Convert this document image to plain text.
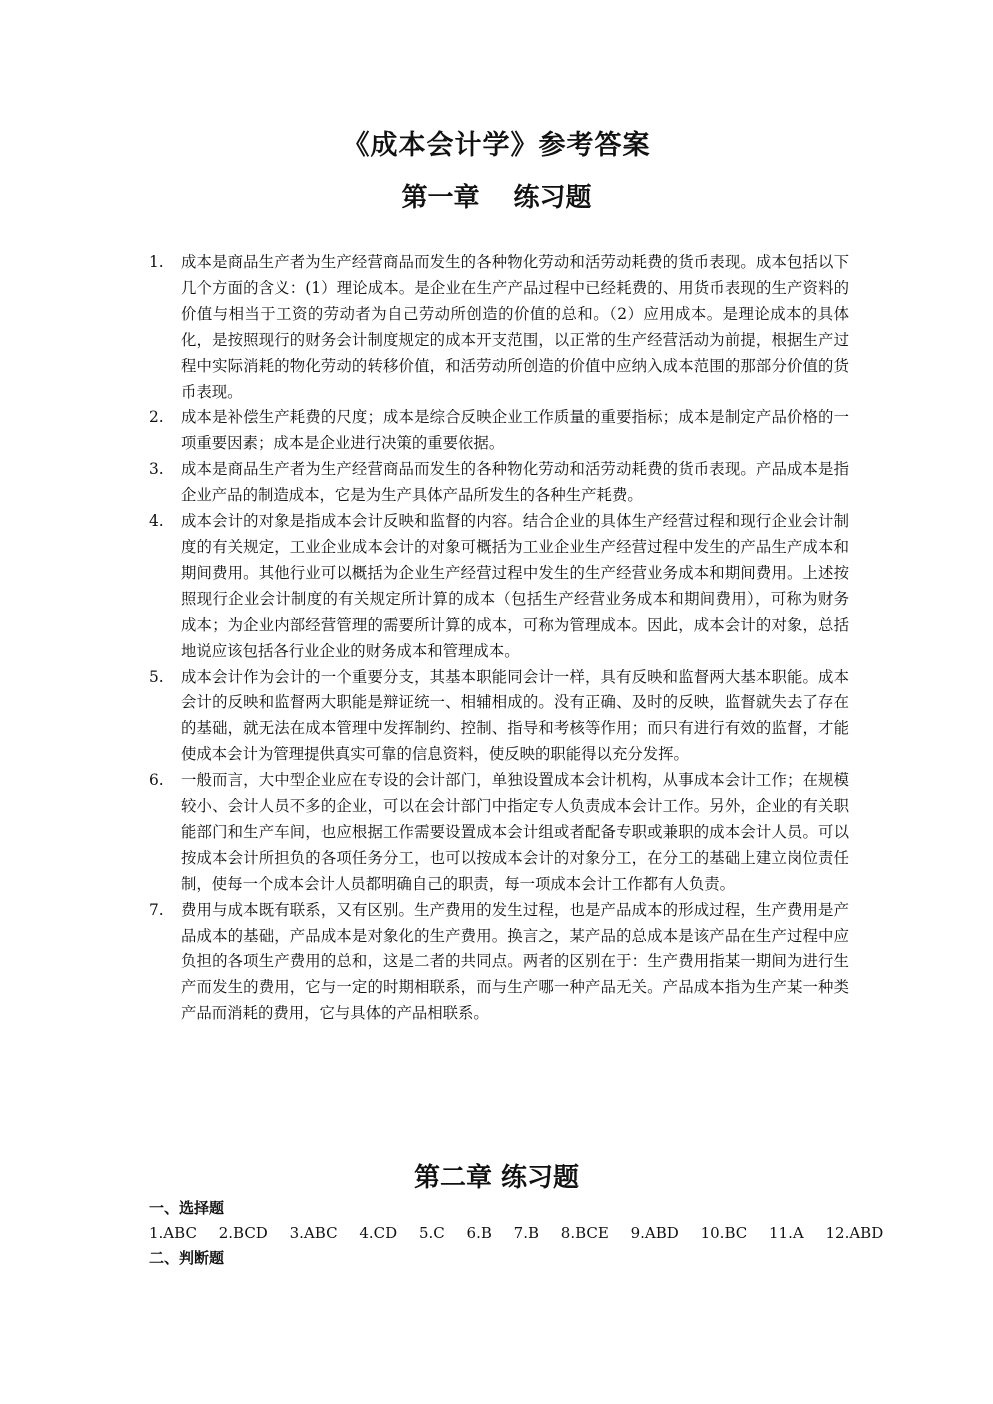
《成本会计学》参考答案
第一章 练习题
1.	成本是商品生产者为生产经营商品而发生的各种物化劳动和活劳动耗费的货币表现。成本包括以下几个方面的含义：(1）理论成本。是企业在生产产品过程中已经耗费的、用货币表现的生产资料的价值与相当于工资的劳动者为自己劳动所创造的价值的总和。（2）应用成本。是理论成本的具体化，是按照现行的财务会计制度规定的成本开支范围，以正常的生产经营活动为前提，根据生产过程中实际消耗的物化劳动的转移价值，和活劳动所创造的价值中应纳入成本范围的那部分价值的货币表现。
2.	成本是补偿生产耗费的尺度；成本是综合反映企业工作质量的重要指标；成本是制定产品价格的一项重要因素；成本是企业进行决策的重要依据。
3.	成本是商品生产者为生产经营商品而发生的各种物化劳动和活劳动耗费的货币表现。产品成本是指企业产品的制造成本，它是为生产具体产品所发生的各种生产耗费。
4.	成本会计的对象是指成本会计反映和监督的内容。结合企业的具体生产经营过程和现行企业会计制度的有关规定，工业企业成本会计的对象可概括为工业企业生产经营过程中发生的产品生产成本和期间费用。其他行业可以概括为企业生产经营过程中发生的生产经营业务成本和期间费用。上述按照现行企业会计制度的有关规定所计算的成本（包括生产经营业务成本和期间费用），可称为财务成本；为企业内部经营管理的需要所计算的成本，可称为管理成本。因此，成本会计的对象，总括地说应该包括各行业企业的财务成本和管理成本。
5.	成本会计作为会计的一个重要分支，其基本职能同会计一样，具有反映和监督两大基本职能。成本会计的反映和监督两大职能是辩证统一、相辅相成的。没有正确、及时的反映，监督就失去了存在的基础，就无法在成本管理中发挥制约、控制、指导和考核等作用；而只有进行有效的监督，才能使成本会计为管理提供真实可靠的信息资料，使反映的职能得以充分发挥。
6.	一般而言，大中型企业应在专设的会计部门，单独设置成本会计机构，从事成本会计工作；在规模较小、会计人员不多的企业，可以在会计部门中指定专人负责成本会计工作。另外，企业的有关职能部门和生产车间，也应根据工作需要设置成本会计组或者配备专职或兼职的成本会计人员。可以按成本会计所担负的各项任务分工，也可以按成本会计的对象分工，在分工的基础上建立岗位责任制，使每一个成本会计人员都明确自己的职责，每一项成本会计工作都有人负责。
7.	费用与成本既有联系，又有区别。生产费用的发生过程，也是产品成本的形成过程，生产费用是产品成本的基础，产品成本是对象化的生产费用。换言之，某产品的总成本是该产品在生产过程中应负担的各项生产费用的总和，这是二者的共同点。两者的区别在于：生产费用指某一期间为进行生产而发生的费用，它与一定的时期相联系，而与生产哪一种产品无关。产品成本指为生产某一种类产品而消耗的费用，它与具体的产品相联系。
第二章 练习题
一、选择题
1.ABC 2.BCD 3.ABC 4.CD 5.C 6.B 7.B 8.BCE 9.ABD 10.BC 11.A 12.ABD
二、判断题
